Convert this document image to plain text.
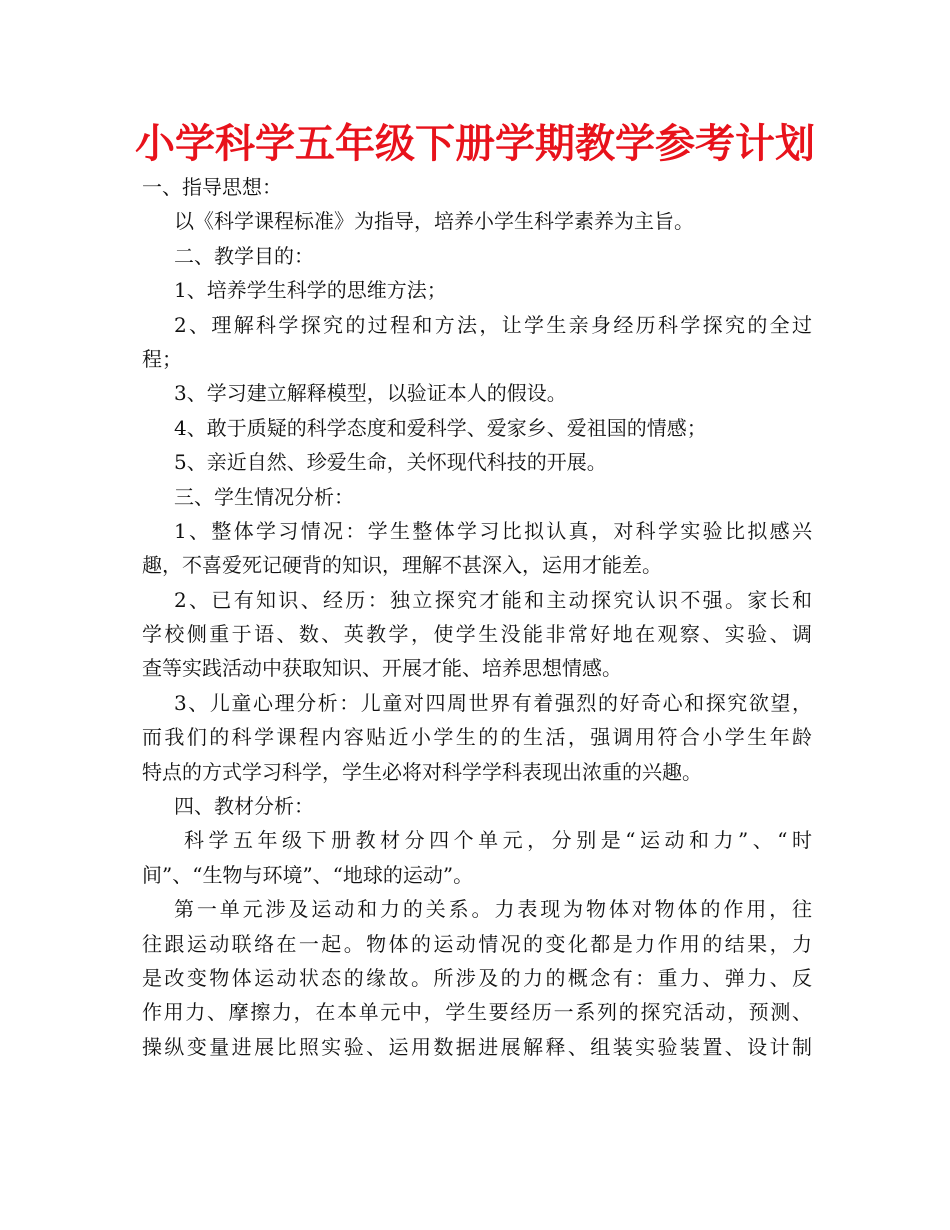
小学科学五年级下册学期教学参考计划

一、指导思想：

以《科学课程标准》为指导，培养小学生科学素养为主旨。

二、教学目的：

1、培养学生科学的思维方法；

2、理解科学探究的过程和方法，让学生亲身经历科学探究的全过

程；

3、学习建立解释模型，以验证本人的假设。

4、敢于质疑的科学态度和爱科学、爱家乡、爱祖国的情感；

5、亲近自然、珍爱生命，关怀现代科技的开展。

三、学生情况分析：

1、整体学习情况：学生整体学习比拟认真，对科学实验比拟感兴

趣，不喜爱死记硬背的知识，理解不甚深入，运用才能差。

2、已有知识、经历：独立探究才能和主动探究认识不强。家长和

学校侧重于语、数、英教学，使学生没能非常好地在观察、实验、调

查等实践活动中获取知识、开展才能、培养思想情感。

3、儿童心理分析：儿童对四周世界有着强烈的好奇心和探究欲望，

而我们的科学课程内容贴近小学生的的生活，强调用符合小学生年龄

特点的方式学习科学，学生必将对科学学科表现出浓重的兴趣。

四、教材分析：

科学五年级下册教材分四个单元，分别是“运动和力”、“时

间”、“生物与环境”、“地球的运动”。

第一单元涉及运动和力的关系。力表现为物体对物体的作用，往

往跟运动联络在一起。物体的运动情况的变化都是力作用的结果，力

是改变物体运动状态的缘故。所涉及的力的概念有：重力、弹力、反

作用力、摩擦力，在本单元中，学生要经历一系列的探究活动，预测、

操纵变量进展比照实验、运用数据进展解释、组装实验装置、设计制
